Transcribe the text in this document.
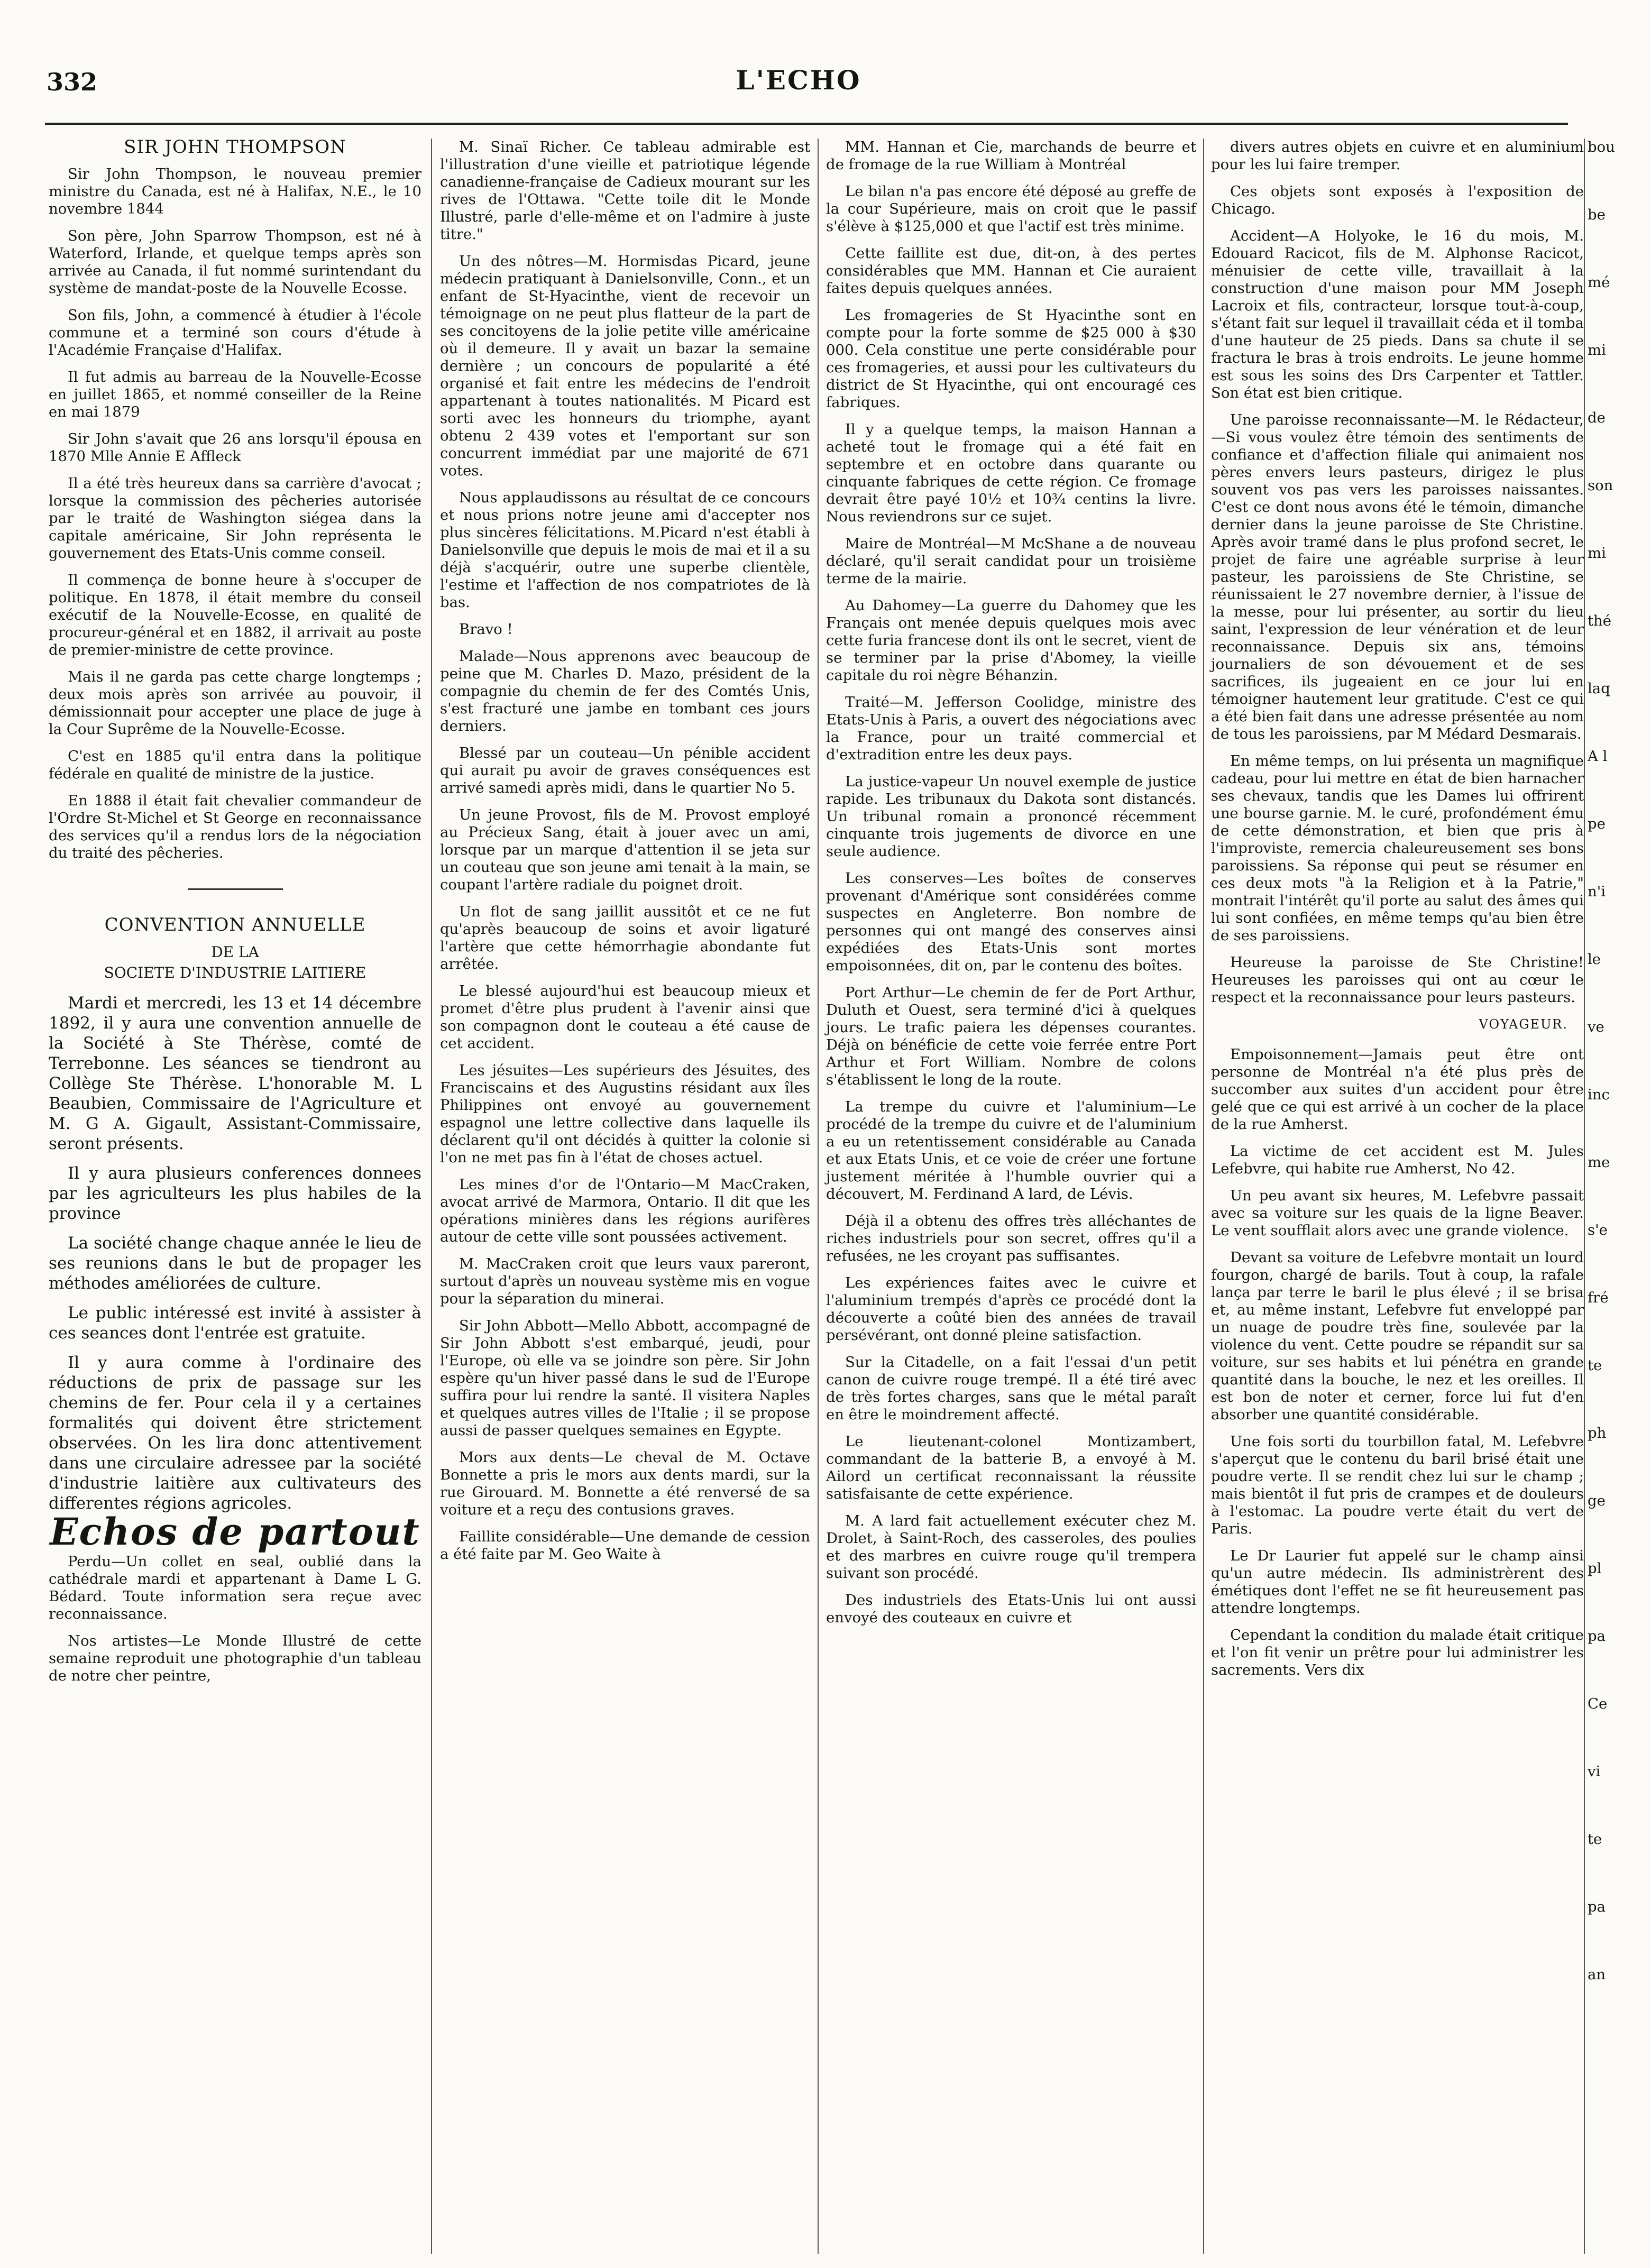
332	L'ECHO
SIR JOHN THOMPSON

Sir John Thompson, le nouveau premier ministre du Canada, est né à Halifax, N.E., le 10 novembre 1844

Son père, John Sparrow Thompson, est né à Waterford, Irlande, et quelque temps après son arrivée au Canada, il fut nommé surintendant du système de mandat-poste de la Nouvelle Ecosse.

Son fils, John, a commencé à étudier à l'école commune et a terminé son cours d'étude à l'Académie Française d'Halifax.

Il fut admis au barreau de la Nouvelle-Ecosse en juillet 1865, et nommé conseiller de la Reine en mai 1879

Sir John s'avait que 26 ans lorsqu'il épousa en 1870 Mlle Annie E Affleck

Il a été très heureux dans sa carrière d'avocat ; lorsque la commission des pêcheries autorisée par le traité de Washington siégea dans la capitale américaine, Sir John représenta le gouvernement des Etats-Unis comme conseil.

Il commença de bonne heure à s'occuper de politique. En 1878, il était membre du conseil exécutif de la Nouvelle-Ecosse, en qualité de procureur-général et en 1882, il arrivait au poste de premier-ministre de cette province.

Mais il ne garda pas cette charge longtemps ; deux mois après son arrivée au pouvoir, il démissionnait pour accepter une place de juge à la Cour Suprême de la Nouvelle-Ecosse.

C'est en 1885 qu'il entra dans la politique fédérale en qualité de ministre de la justice.

En 1888 il était fait chevalier commandeur de l'Ordre St-Michel et St George en reconnaissance des services qu'il a rendus lors de la négociation du traité des pêcheries.

CONVENTION ANNUELLE
DE LA
SOCIETE D'INDUSTRIE LAITIERE

Mardi et mercredi, les 13 et 14 décembre 1892, il y aura une convention annuelle de la Société à Ste Thérèse, comté de Terrebonne. Les séances se tiendront au Collège Ste Thérèse. L'honorable M. L Beaubien, Commissaire de l'Agriculture et M. G A. Gigault, Assistant-Commissaire, seront présents.

Il y aura plusieurs conferences donnees par les agriculteurs les plus habiles de la province

La société change chaque année le lieu de ses reunions dans le but de propager les méthodes améliorées de culture.

Le public intéressé est invité à assister à ces seances dont l'entrée est gratuite.

Il y aura comme à l'ordinaire des réductions de prix de passage sur les chemins de fer. Pour cela il y a certaines formalités qui doivent être strictement observées. On les lira donc attentivement dans une circulaire adressee par la société d'industrie laitière aux cultivateurs des differentes régions agricoles.

Echos de partout

Perdu—Un collet en seal, oublié dans la cathédrale mardi et appartenant à Dame L G. Bédard. Toute information sera reçue avec reconnaissance.

Nos artistes—Le Monde Illustré de cette semaine reproduit une photographie d'un tableau de notre cher peintre,

M. Sinaï Richer. Ce tableau admirable est l'illustration d'une vieille et patriotique légende canadienne-française de Cadieux mourant sur les rives de l'Ottawa. "Cette toile dit le Monde Illustré, parle d'elle-même et on l'admire à juste titre."

Un des nôtres—M. Hormisdas Picard, jeune médecin pratiquant à Danielsonville, Conn., et un enfant de St-Hyacinthe, vient de recevoir un témoignage on ne peut plus flatteur de la part de ses concitoyens de la jolie petite ville américaine où il demeure. Il y avait un bazar la semaine dernière ; un concours de popularité a été organisé et fait entre les médecins de l'endroit appartenant à toutes nationalités. M Picard est sorti avec les honneurs du triomphe, ayant obtenu 2 439 votes et l'emportant sur son concurrent immédiat par une majorité de 671 votes.

Nous applaudissons au résultat de ce concours et nous prions notre jeune ami d'accepter nos plus sincères félicitations. M.Picard n'est établi à Danielsonville que depuis le mois de mai et il a su déjà s'acquérir, outre une superbe clientèle, l'estime et l'affection de nos compatriotes de là bas.

Bravo !

Malade—Nous apprenons avec beaucoup de peine que M. Charles D. Mazo, président de la compagnie du chemin de fer des Comtés Unis, s'est fracturé une jambe en tombant ces jours derniers.

Blessé par un couteau—Un pénible accident qui aurait pu avoir de graves conséquences est arrivé samedi après midi, dans le quartier No 5.

Un jeune Provost, fils de M. Provost employé au Précieux Sang, était à jouer avec un ami, lorsque par un marque d'attention il se jeta sur un couteau que son jeune ami tenait à la main, se coupant l'artère radiale du poignet droit.

Un flot de sang jaillit aussitôt et ce ne fut qu'après beaucoup de soins et avoir ligaturé l'artère que cette hémorrhagie abondante fut arrêtée.

Le blessé aujourd'hui est beaucoup mieux et promet d'être plus prudent à l'avenir ainsi que son compagnon dont le couteau a été cause de cet accident.

Les jésuites—Les supérieurs des Jésuites, des Franciscains et des Augustins résidant aux îles Philippines ont envoyé au gouvernement espagnol une lettre collective dans laquelle ils déclarent qu'il ont décidés à quitter la colonie si l'on ne met pas fin à l'état de choses actuel.

Les mines d'or de l'Ontario—M MacCraken, avocat arrivé de Marmora, Ontario. Il dit que les opérations minières dans les régions aurifères autour de cette ville sont poussées activement.

M. MacCraken croit que leurs vaux pareront, surtout d'après un nouveau système mis en vogue pour la séparation du minerai.

Sir John Abbott—Mello Abbott, accompagné de Sir John Abbott s'est embarqué, jeudi, pour l'Europe, où elle va se joindre son père. Sir John espère qu'un hiver passé dans le sud de l'Europe suffira pour lui rendre la santé. Il visitera Naples et quelques autres villes de l'Italie ; il se propose aussi de passer quelques semaines en Egypte.

Mors aux dents—Le cheval de M. Octave Bonnette a pris le mors aux dents mardi, sur la rue Girouard. M. Bonnette a été renversé de sa voiture et a reçu des contusions graves.

Faillite considérable—Une demande de cession a été faite par M. Geo Waite à

MM. Hannan et Cie, marchands de beurre et de fromage de la rue William à Montréal

Le bilan n'a pas encore été déposé au greffe de la cour Supérieure, mais on croit que le passif s'élève à $125,000 et que l'actif est très minime.

Cette faillite est due, dit-on, à des pertes considérables que MM. Hannan et Cie auraient faites depuis quelques années.

Les fromageries de St Hyacinthe sont en compte pour la forte somme de $25 000 à $30 000. Cela constitue une perte considérable pour ces fromageries, et aussi pour les cultivateurs du district de St Hyacinthe, qui ont encouragé ces fabriques.

Il y a quelque temps, la maison Hannan a acheté tout le fromage qui a été fait en septembre et en octobre dans quarante ou cinquante fabriques de cette région. Ce fromage devrait être payé 10½ et 10¾ centins la livre. Nous reviendrons sur ce sujet.

Maire de Montréal—M McShane a de nouveau déclaré, qu'il serait candidat pour un troisième terme de la mairie.

Au Dahomey—La guerre du Dahomey que les Français ont menée depuis quelques mois avec cette furia francese dont ils ont le secret, vient de se terminer par la prise d'Abomey, la vieille capitale du roi nègre Béhanzin.

Traité—M. Jefferson Coolidge, ministre des Etats-Unis à Paris, a ouvert des négociations avec la France, pour un traité commercial et d'extradition entre les deux pays.

La justice-vapeur Un nouvel exemple de justice rapide. Les tribunaux du Dakota sont distancés. Un tribunal romain a prononcé récemment cinquante trois jugements de divorce en une seule audience.

Les conserves—Les boîtes de conserves provenant d'Amérique sont considérées comme suspectes en Angleterre. Bon nombre de personnes qui ont mangé des conserves ainsi expédiées des Etats-Unis sont mortes empoisonnées, dit on, par le contenu des boîtes.

Port Arthur—Le chemin de fer de Port Arthur, Duluth et Ouest, sera terminé d'ici à quelques jours. Le trafic paiera les dépenses courantes. Déjà on bénéficie de cette voie ferrée entre Port Arthur et Fort William. Nombre de colons s'établissent le long de la route.

La trempe du cuivre et l'aluminium—Le procédé de la trempe du cuivre et de l'aluminium a eu un retentissement considérable au Canada et aux Etats Unis, et ce voie de créer une fortune justement méritée à l'humble ouvrier qui a découvert, M. Ferdinand A lard, de Lévis.

Déjà il a obtenu des offres très alléchantes de riches industriels pour son secret, offres qu'il a refusées, ne les croyant pas suffisantes.

Les expériences faites avec le cuivre et l'aluminium trempés d'après ce procédé dont la découverte a coûté bien des années de travail persévérant, ont donné pleine satisfaction.

Sur la Citadelle, on a fait l'essai d'un petit canon de cuivre rouge trempé. Il a été tiré avec de très fortes charges, sans que le métal paraît en être le moindrement affecté.

Le lieutenant-colonel Montizambert, commandant de la batterie B, a envoyé à M. Ailord un certificat reconnaissant la réussite satisfaisante de cette expérience.

M. A lard fait actuellement exécuter chez M. Drolet, à Saint-Roch, des casseroles, des poulies et des marbres en cuivre rouge qu'il trempera suivant son procédé.

Des industriels des Etats-Unis lui ont aussi envoyé des couteaux en cuivre et

divers autres objets en cuivre et en aluminium pour les lui faire tremper.

Ces objets sont exposés à l'exposition de Chicago.

Accident—A Holyoke, le 16 du mois, M. Edouard Racicot, fils de M. Alphonse Racicot, ménuisier de cette ville, travaillait à la construction d'une maison pour MM Joseph Lacroix et fils, contracteur, lorsque tout-à-coup, s'étant fait sur lequel il travaillait céda et il tomba d'une hauteur de 25 pieds. Dans sa chute il se fractura le bras à trois endroits. Le jeune homme est sous les soins des Drs Carpenter et Tattler. Son état est bien critique.

Une paroisse reconnaissante—M. le Rédacteur,—Si vous voulez être témoin des sentiments de confiance et d'affection filiale qui animaient nos pères envers leurs pasteurs, dirigez le plus souvent vos pas vers les paroisses naissantes. C'est ce dont nous avons été le témoin, dimanche dernier dans la jeune paroisse de Ste Christine. Après avoir tramé dans le plus profond secret, le projet de faire une agréable surprise à leur pasteur, les paroissiens de Ste Christine, se réunissaient le 27 novembre dernier, à l'issue de la messe, pour lui présenter, au sortir du lieu saint, l'expression de leur vénération et de leur reconnaissance. Depuis six ans, témoins journaliers de son dévouement et de ses sacrifices, ils jugeaient en ce jour lui en témoigner hautement leur gratitude. C'est ce qui a été bien fait dans une adresse présentée au nom de tous les paroissiens, par M Médard Desmarais.

En même temps, on lui présenta un magnifique cadeau, pour lui mettre en état de bien harnacher ses chevaux, tandis que les Dames lui offrirent une bourse garnie. M. le curé, profondément ému de cette démonstration, et bien que pris à l'improviste, remercia chaleureusement ses bons paroissiens. Sa réponse qui peut se résumer en ces deux mots "à la Religion et à la Patrie," montrait l'intérêt qu'il porte au salut des âmes qui lui sont confiées, en même temps qu'au bien être de ses paroissiens.

Heureuse la paroisse de Ste Christine! Heureuses les paroisses qui ont au cœur le respect et la reconnaissance pour leurs pasteurs.

VOYAGEUR.

Empoisonnement—Jamais peut être ont personne de Montréal n'a été plus près de succomber aux suites d'un accident pour être gelé que ce qui est arrivé à un cocher de la place de la rue Amherst.

La victime de cet accident est M. Jules Lefebvre, qui habite rue Amherst, No 42.

Un peu avant six heures, M. Lefebvre passait avec sa voiture sur les quais de la ligne Beaver. Le vent soufflait alors avec une grande violence.

Devant sa voiture de Lefebvre montait un lourd fourgon, chargé de barils. Tout à coup, la rafale lança par terre le baril le plus élevé ; il se brisa et, au même instant, Lefebvre fut enveloppé par un nuage de poudre très fine, soulevée par la violence du vent. Cette poudre se répandit sur sa voiture, sur ses habits et lui pénétra en grande quantité dans la bouche, le nez et les oreilles. Il est bon de noter et cerner, force lui fut d'en absorber une quantité considérable.

Une fois sorti du tourbillon fatal, M. Lefebvre s'aperçut que le contenu du baril brisé était une poudre verte. Il se rendit chez lui sur le champ ; mais bientôt il fut pris de crampes et de douleurs à l'estomac. La poudre verte était du vert de Paris.

Le Dr Laurier fut appelé sur le champ ainsi qu'un autre médecin. Ils administrèrent des émétiques dont l'effet ne se fit heureusement pas attendre longtemps.

Cependant la condition du malade était critique et l'on fit venir un prêtre pour lui administrer les sacrements. Vers dix

bou
be
mé
mi
de
son
mi
thé
laq
A l
pe
n'i
le
ve
inc
me
s'e
fré
te
ph
ge
pl
pa
Ce
vi
te
pa
an
